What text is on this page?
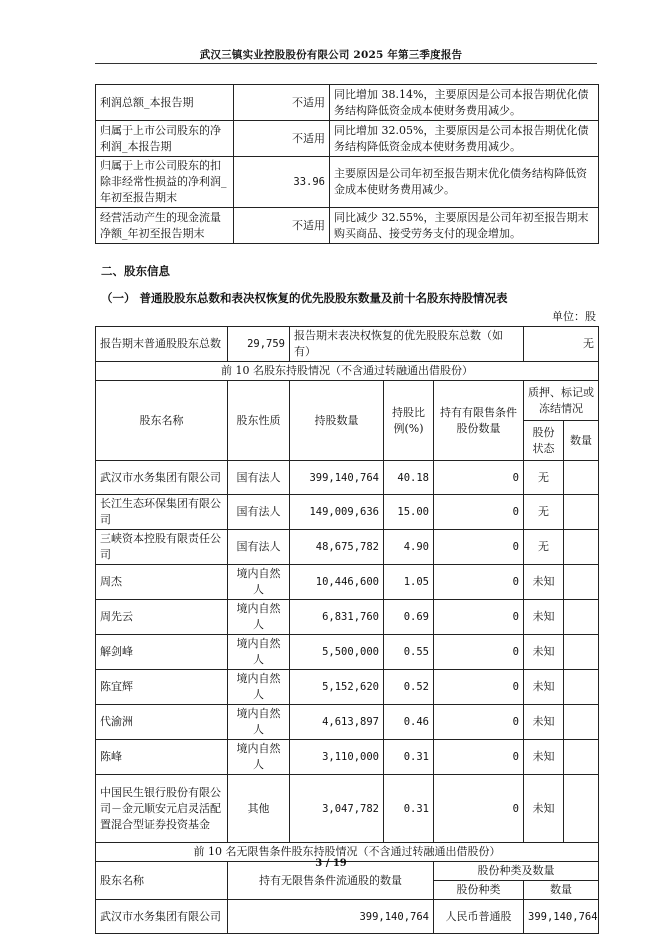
武汉三镇实业控股股份有限公司 2025 年第三季度报告
利润总额_本报告期	不适用	同比增加 38.14%，主要原因是公司本报告期优化债务结构降低资金成本使财务费用减少。
归属于上市公司股东的净利润_本报告期	不适用	同比增加 32.05%，主要原因是公司本报告期优化债务结构降低资金成本使财务费用减少。
归属于上市公司股东的扣除非经常性损益的净利润_年初至报告期末	33.96	主要原因是公司年初至报告期末优化债务结构降低资金成本使财务费用减少。
经营活动产生的现金流量净额_年初至报告期末	不适用	同比减少 32.55%，主要原因是公司年初至报告期末购买商品、接受劳务支付的现金增加。
二、股东信息
（一） 普通股股东总数和表决权恢复的优先股股东数量及前十名股东持股情况表
单位：股
报告期末普通股股东总数	29,759	报告期末表决权恢复的优先股股东总数（如有）			无	
前 10 名股东持股情况（不含通过转融通出借股份）						
股东名称	股东性质	持股数量	持股比例(%)	持有有限售条件股份数量	质押、标记或冻结情况	
					股份状态	数量
武汉市水务集团有限公司	国有法人	399,140,764	40.18	0	无	
长江生态环保集团有限公司	国有法人	149,009,636	15.00	0	无	
三峡资本控股有限责任公司	国有法人	48,675,782	4.90	0	无	
周杰	境内自然人	10,446,600	1.05	0	未知	
周先云	境内自然人	6,831,760	0.69	0	未知	
解剑峰	境内自然人	5,500,000	0.55	0	未知	
陈宜辉	境内自然人	5,152,620	0.52	0	未知	
代渝洲	境内自然人	4,613,897	0.46	0	未知	
陈峰	境内自然人	3,110,000	0.31	0	未知	
中国民生银行股份有限公司－金元顺安元启灵活配置混合型证券投资基金	其他	3,047,782	0.31	0	未知	
前 10 名无限售条件股东持股情况（不含通过转融通出借股份）						
股东名称	持有无限售条件流通股的数量			股份种类及数量		
				股份种类	数量	
武汉市水务集团有限公司	399,140,764			人民币普通股	399,140,764	
3 / 19
